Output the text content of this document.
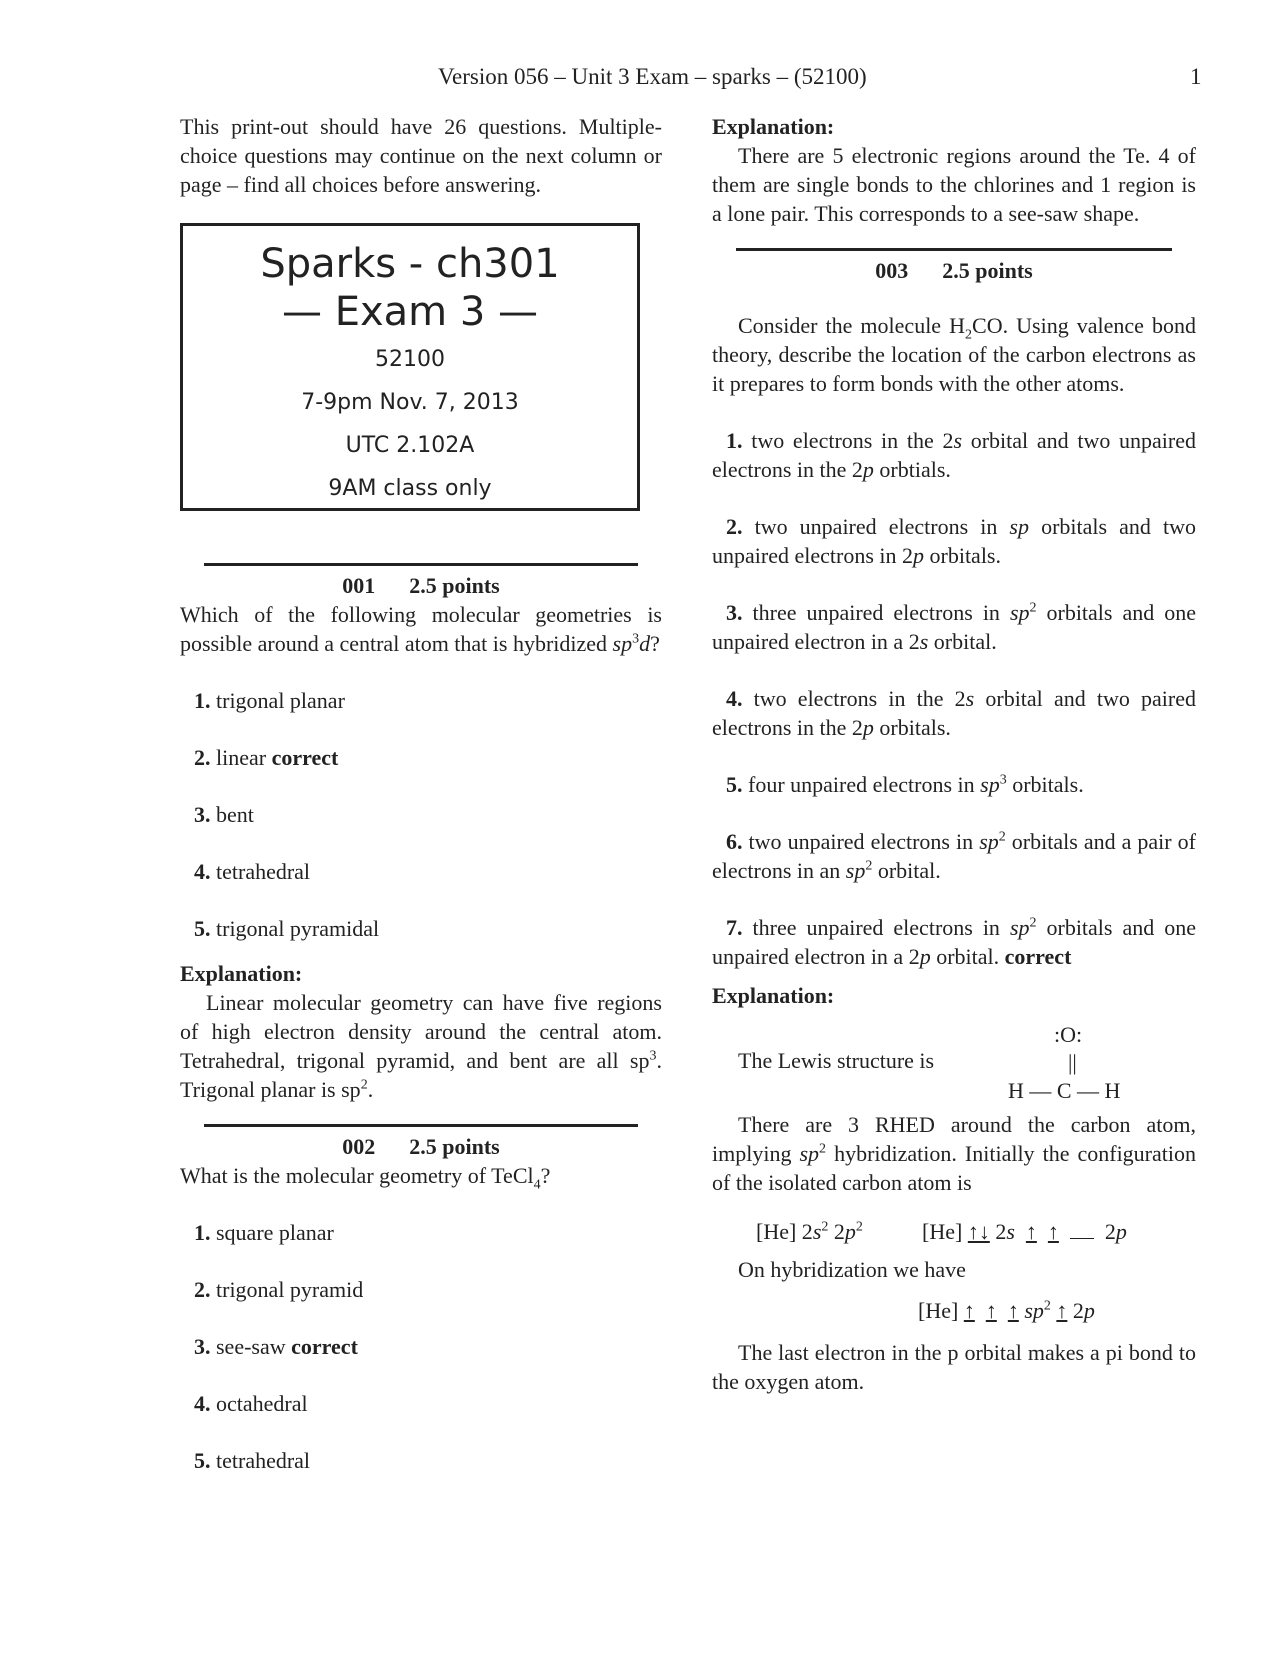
Version 056 – Unit 3 Exam – sparks – (52100)	1

This print-out should have 26 questions. Multiple-choice questions may continue on the next column or page – find all choices before answering.

Sparks - ch301
— Exam 3 —
52100
7-9pm Nov. 7, 2013
UTC 2.102A
9AM class only
001 2.5 points

Which of the following molecular geometries is possible around a central atom that is hybridized $sp^3d$?

1. trigonal planar
2. linear correct
3. bent
4. tetrahedral
5. trigonal pyramidal

Explanation:

Linear molecular geometry can have five regions of high electron density around the central atom. Tetrahedral, trigonal pyramid, and bent are all $sp^3$. Trigonal planar is $sp^2$.

002 2.5 points

What is the molecular geometry of TeCl$_4$?

1. square planar
2. trigonal pyramid
3. see-saw correct
4. octahedral
5. tetrahedral

Explanation:

There are 5 electronic regions around the Te. 4 of them are single bonds to the chlorines and 1 region is a lone pair. This corresponds to a see-saw shape.

003 2.5 points

Consider the molecule $H_2CO$. Using valence bond theory, describe the location of the carbon electrons as it prepares to form bonds with the other atoms.

1. two electrons in the 2s orbital and two unpaired electrons in the 2p orbtials.
2. two unpaired electrons in sp orbitals and two unpaired electrons in 2p orbitals.
3. three unpaired electrons in $sp^2$ orbitals and one unpaired electron in a 2s orbital.
4. two electrons in the 2s orbital and two paired electrons in the 2p orbitals.
5. four unpaired electrons in $sp^3$ orbitals.
6. two unpaired electrons in $sp^2$ orbitals and a pair of electrons in an $sp^2$ orbital.
7. three unpaired electrons in $sp^2$ orbitals and one unpaired electron in a 2p orbital. correct

Explanation:

The Lewis structure is
:O:
||
H — C — H

There are 3 RHED around the carbon atom, implying $sp^2$ hybridization. Initially the configuration of the isolated carbon atom is

[He] $2s^2$ $2p^2$	[He] ↑↓ 2s ↑ ↑    2p

On hybridization we have

[He] ↑ ↑ ↑ $sp^2$ ↑ 2p

The last electron in the p orbital makes a pi bond to the oxygen atom.
